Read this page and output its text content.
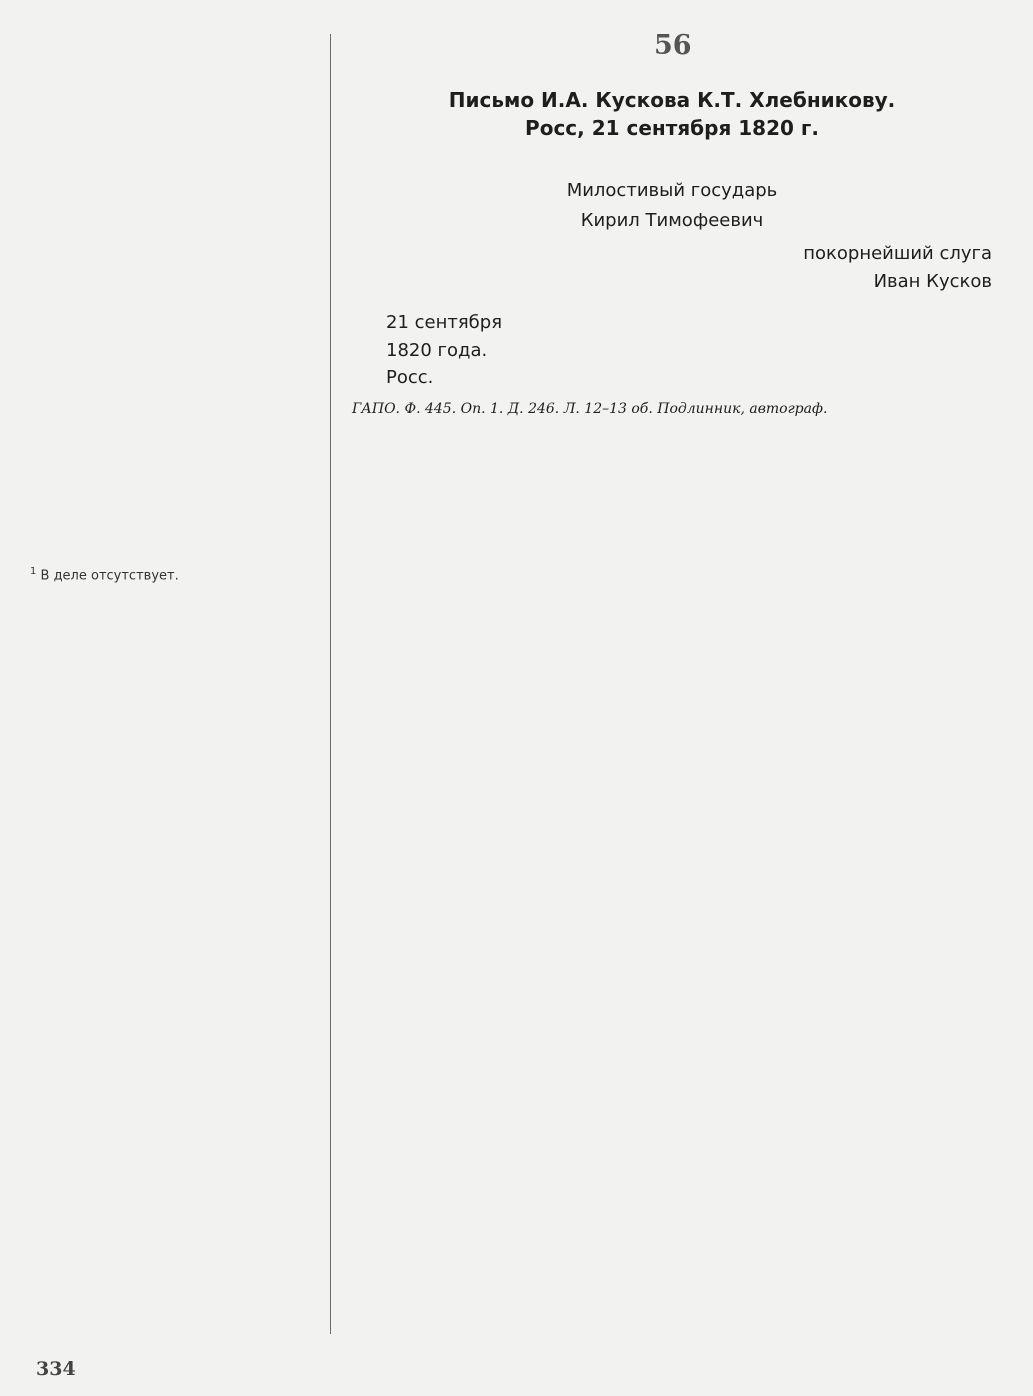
$^1$ В деле отсутствует.
334
56
Письмо И.А. Кускова К.Т. Хлебникову.
Росс, 21 сентября 1820 г.
Милостивый государь
Кирил Тимофеевич
покорнейший слуга
Иван Кусков
21 сентября
1820 года.
Росс.
ГАПО. Ф. 445. Оп. 1. Д. 246. Л. 12–13 об. Подлинник, автограф.
